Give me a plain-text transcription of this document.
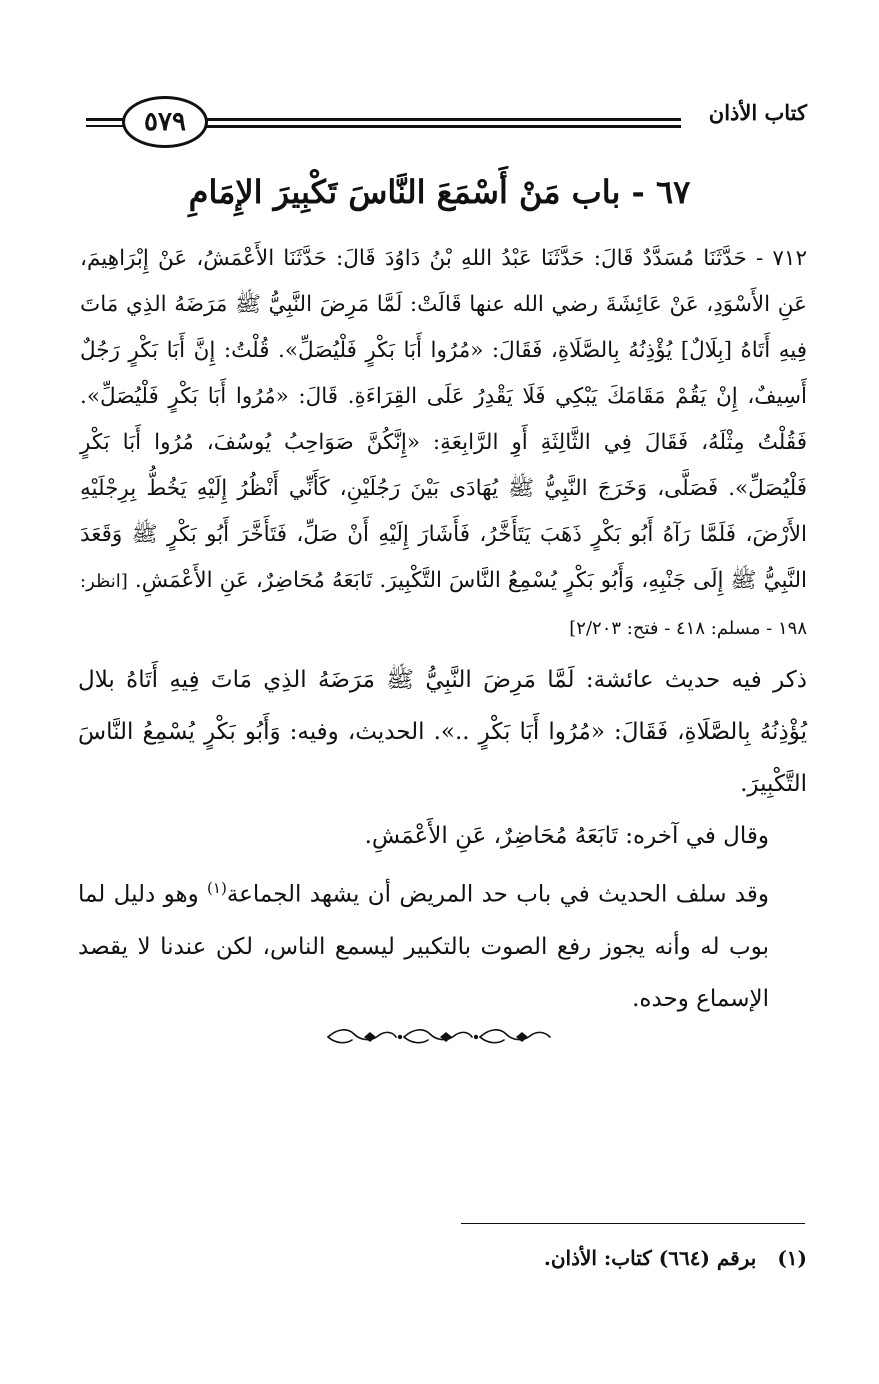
كتاب الأذان
٥٧٩
٦٧ - باب مَنْ أَسْمَعَ النَّاسَ تَكْبِيرَ الإِمَامِ
٧١٢ - حَدَّثَنَا مُسَدَّدٌ قَالَ: حَدَّثَنَا عَبْدُ اللهِ بْنُ دَاوُدَ قَالَ: حَدَّثَنَا الأَعْمَشُ، عَنْ إِبْرَاهِيمَ، عَنِ الأَسْوَدِ، عَنْ عَائِشَةَ رضي الله عنها قَالَتْ: لَمَّا مَرِضَ النَّبِيُّ ﷺ مَرَضَهُ الذِي مَاتَ فِيهِ أَتَاهُ [بِلَالٌ] يُؤْذِنُهُ بِالصَّلَاةِ، فَقَالَ: «مُرُوا أَبَا بَكْرٍ فَلْيُصَلِّ». قُلْتُ: إِنَّ أَبَا بَكْرٍ رَجُلٌ أَسِيفٌ، إِنْ يَقُمْ مَقَامَكَ يَبْكِي فَلَا يَقْدِرُ عَلَى القِرَاءَةِ. قَالَ: «مُرُوا أَبَا بَكْرٍ فَلْيُصَلِّ». فَقُلْتُ مِثْلَهُ، فَقَالَ فِي الثَّالِثَةِ أَوِ الرَّابِعَةِ: «إِنَّكُنَّ صَوَاحِبُ يُوسُفَ، مُرُوا أَبَا بَكْرٍ فَلْيُصَلِّ». فَصَلَّى، وَخَرَجَ النَّبِيُّ ﷺ يُهَادَى بَيْنَ رَجُلَيْنِ، كَأَنِّي أَنْظُرُ إِلَيْهِ يَخُطُّ بِرِجْلَيْهِ الأَرْضَ، فَلَمَّا رَآهُ أَبُو بَكْرٍ ذَهَبَ يَتَأَخَّرُ، فَأَشَارَ إِلَيْهِ أَنْ صَلِّ، فَتَأَخَّرَ أَبُو بَكْرٍ ﷺ وَقَعَدَ النَّبِيُّ ﷺ إِلَى جَنْبِهِ، وَأَبُو بَكْرٍ يُسْمِعُ النَّاسَ التَّكْبِيرَ. تَابَعَهُ مُحَاضِرٌ، عَنِ الأَعْمَشِ. [انظر: ١٩٨ - مسلم: ٤١٨ - فتح: ٢/٢٠٣]

ذكر فيه حديث عائشة: لَمَّا مَرِضَ النَّبِيُّ ﷺ مَرَضَهُ الذِي مَاتَ فِيهِ أَتَاهُ بلال يُؤْذِنُهُ بِالصَّلَاةِ، فَقَالَ: «مُرُوا أَبَا بَكْرٍ ..». الحديث، وفيه: وَأَبُو بَكْرٍ يُسْمِعُ النَّاسَ التَّكْبِيرَ.

وقال في آخره: تَابَعَهُ مُحَاضِرٌ، عَنِ الأَعْمَشِ.

وقد سلف الحديث في باب حد المريض أن يشهد الجماعة$^{(١)}$ وهو دليل لما بوب له وأنه يجوز رفع الصوت بالتكبير ليسمع الناس، لكن عندنا لا يقصد الإسماع وحده.

(١) برقم (٦٦٤) كتاب: الأذان.
